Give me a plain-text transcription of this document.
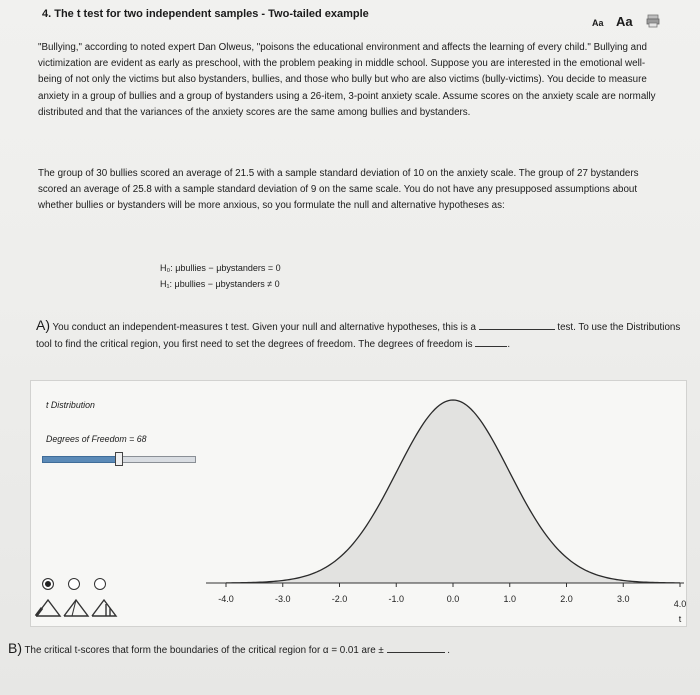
4. The t test for two independent samples - Two-tailed example
Aa Aa
"Bullying," according to noted expert Dan Olweus, "poisons the educational environment and affects the learning of every child." Bullying and victimization are evident as early as preschool, with the problem peaking in middle school. Suppose you are interested in the emotional well-being of not only the victims but also bystanders, bullies, and those who bully but who are also victims (bully-victims). You decide to measure anxiety in a group of bullies and a group of bystanders using a 26-item, 3-point anxiety scale. Assume scores on the anxiety scale are normally distributed and that the variances of the anxiety scores are the same among bullies and bystanders.
The group of 30 bullies scored an average of 21.5 with a sample standard deviation of 10 on the anxiety scale. The group of 27 bystanders scored an average of 25.8 with a sample standard deviation of 9 on the same scale. You do not have any presupposed assumptions about whether bullies or bystanders will be more anxious, so you formulate the null and alternative hypotheses as:
H₀: μbullies − μbystanders = 0
H₁: μbullies − μbystanders ≠ 0
A) You conduct an independent-measures t test. Given your null and alternative hypotheses, this is a	test. To use the Distributions tool to find the critical region, you first need to set the degrees of freedom. The degrees of freedom is	.
t Distribution
Degrees of Freedom = 68
-4.0	-3.0	-2.0	-1.0	0.0	1.0	2.0	3.0	4.0
t
B) The critical t-scores that form the boundaries of the critical region for α = 0.01 are ±	.
